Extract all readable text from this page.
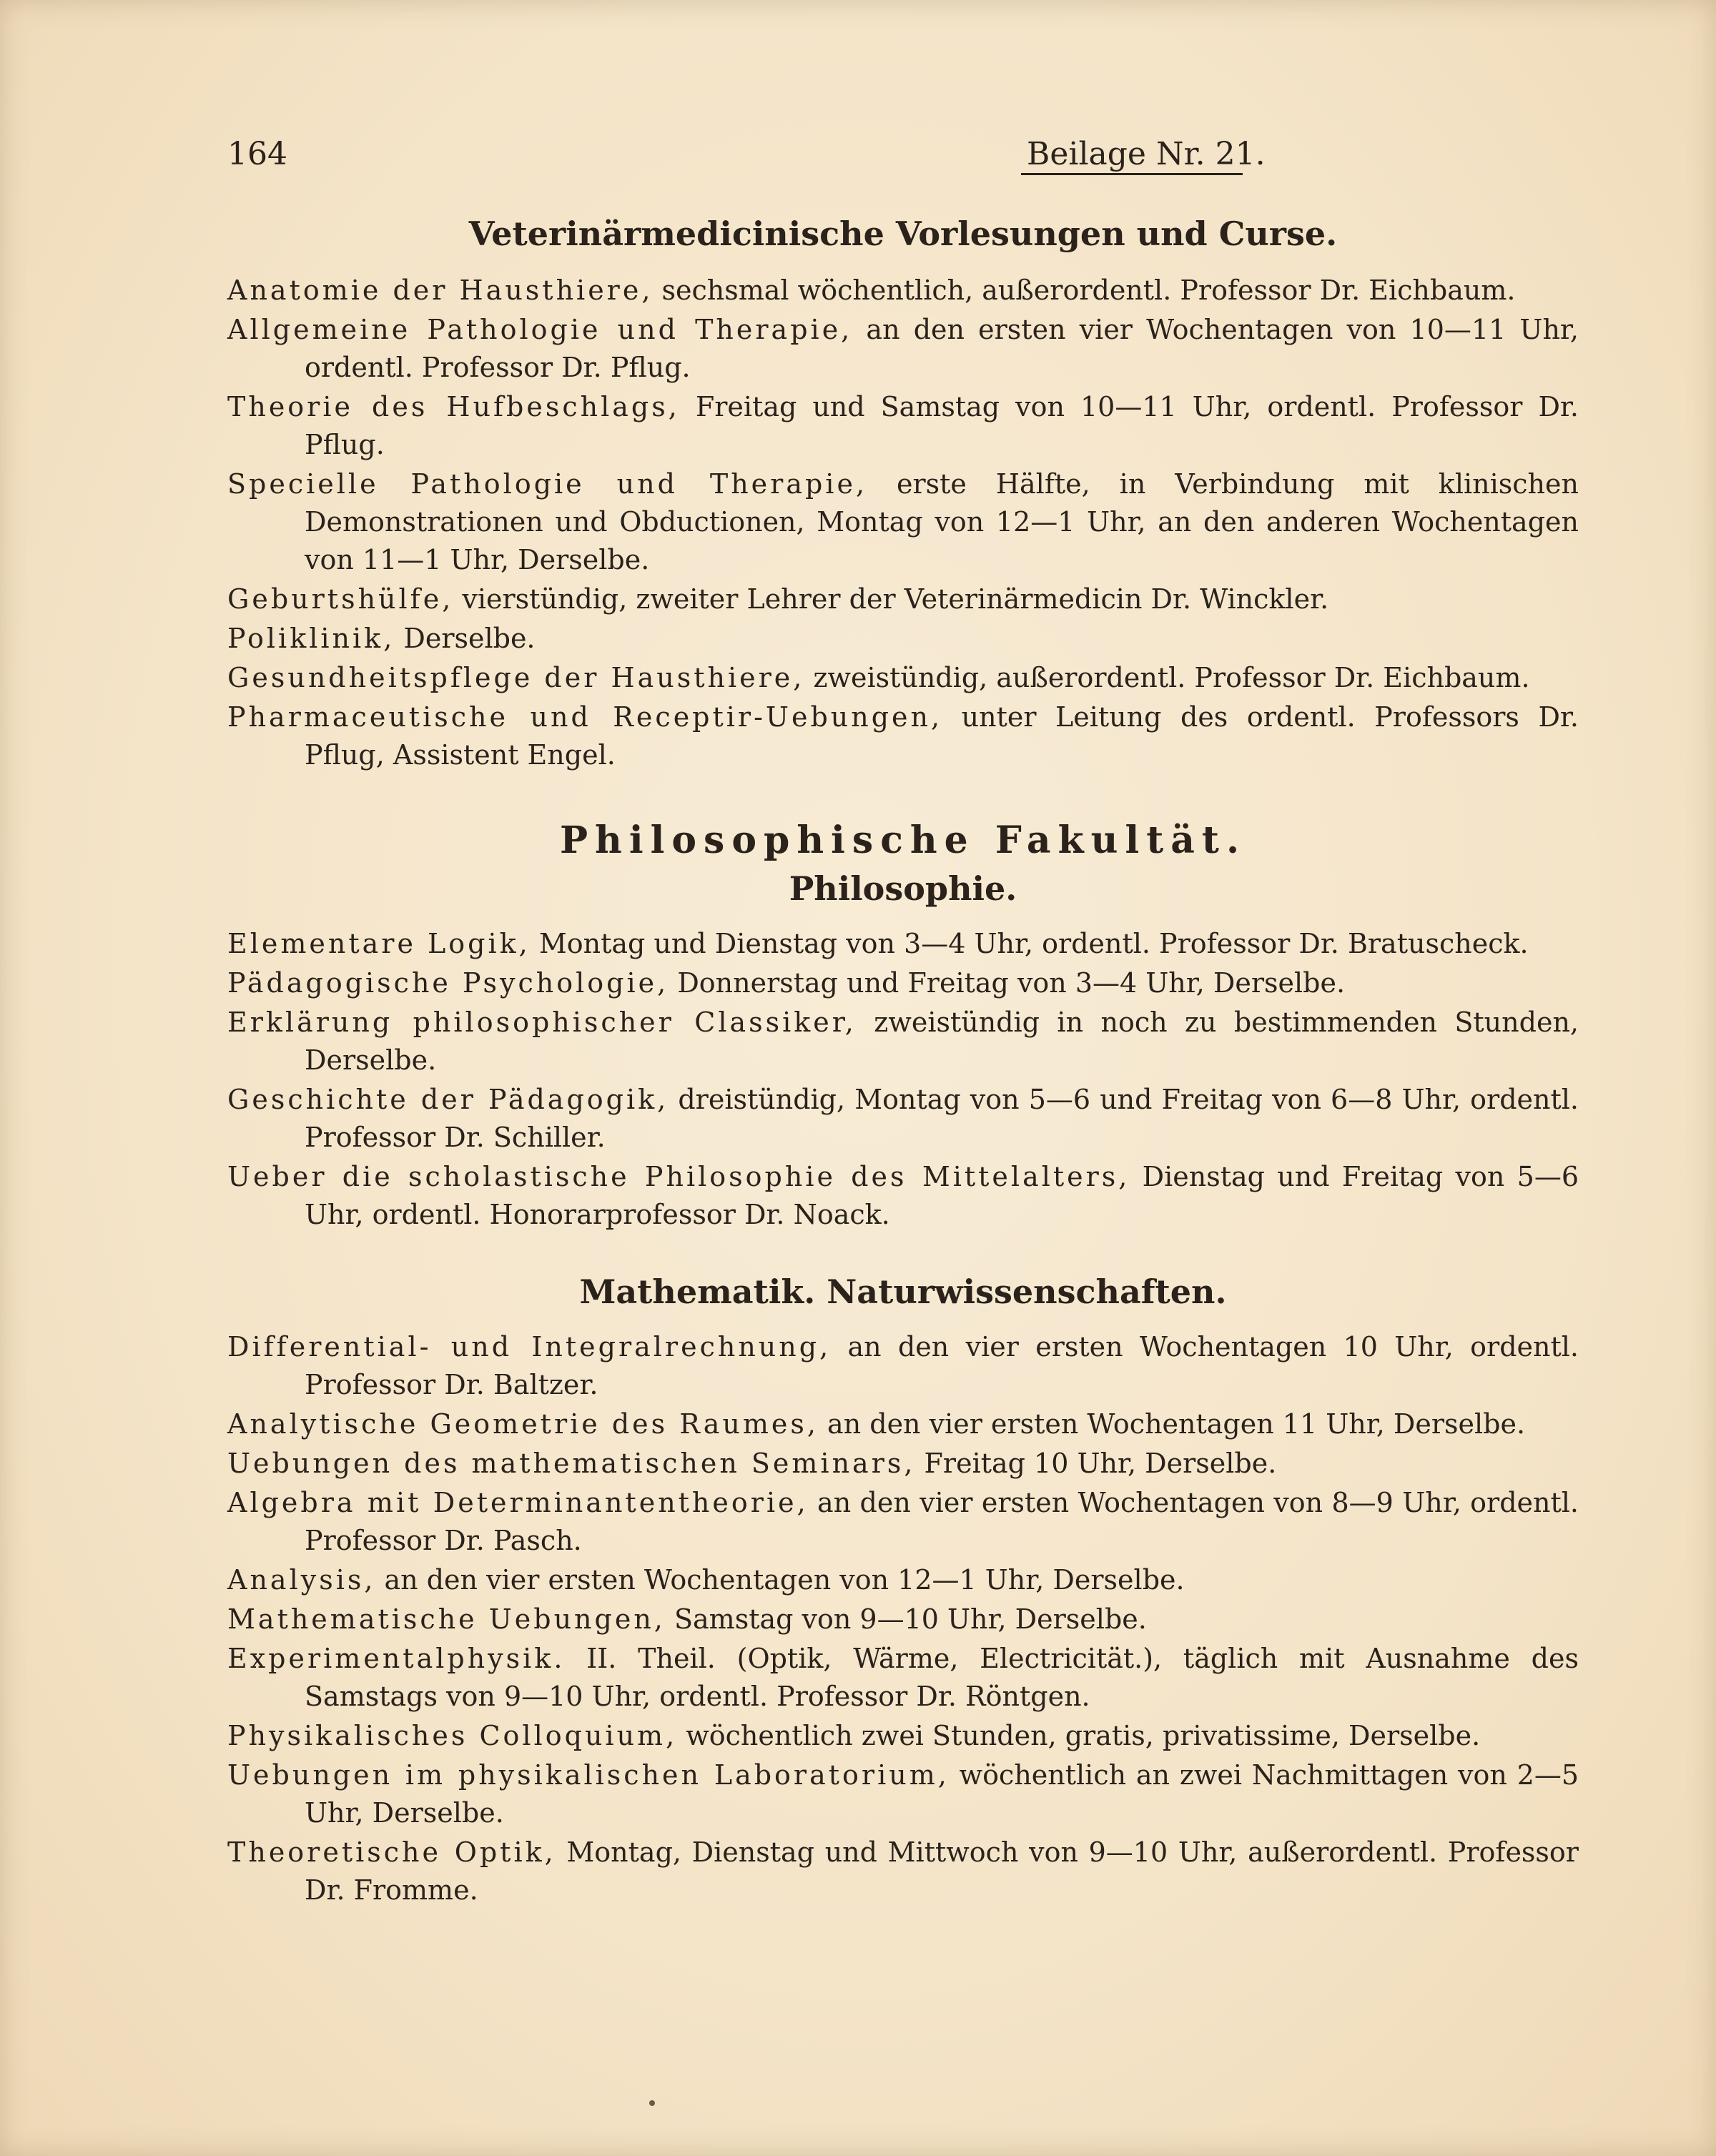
164	Beilage Nr. 21.
Veterinärmedicinische Vorlesungen und Curse.
Anatomie der Hausthiere, sechsmal wöchentlich, außerordentl. Professor Dr. Eichbaum.
Allgemeine Pathologie und Therapie, an den ersten vier Wochentagen von 10—11 Uhr, ordentl. Professor Dr. Pflug.
Theorie des Hufbeschlags, Freitag und Samstag von 10—11 Uhr, ordentl. Professor Dr. Pflug.
Specielle Pathologie und Therapie, erste Hälfte, in Verbindung mit klinischen Demonstrationen und Obductionen, Montag von 12—1 Uhr, an den anderen Wochentagen von 11—1 Uhr, Derselbe.
Geburtshülfe, vierstündig, zweiter Lehrer der Veterinärmedicin Dr. Winckler.
Poliklinik, Derselbe.
Gesundheitspflege der Hausthiere, zweistündig, außerordentl. Professor Dr. Eichbaum.
Pharmaceutische und Receptir-Uebungen, unter Leitung des ordentl. Professors Dr. Pflug, Assistent Engel.
Philosophische Fakultät.
Philosophie.
Elementare Logik, Montag und Dienstag von 3—4 Uhr, ordentl. Professor Dr. Bratuscheck.
Pädagogische Psychologie, Donnerstag und Freitag von 3—4 Uhr, Derselbe.
Erklärung philosophischer Classiker, zweistündig in noch zu bestimmenden Stunden, Derselbe.
Geschichte der Pädagogik, dreistündig, Montag von 5—6 und Freitag von 6—8 Uhr, ordentl. Professor Dr. Schiller.
Ueber die scholastische Philosophie des Mittelalters, Dienstag und Freitag von 5—6 Uhr, ordentl. Honorarprofessor Dr. Noack.
Mathematik. Naturwissenschaften.
Differential- und Integralrechnung, an den vier ersten Wochentagen 10 Uhr, ordentl. Professor Dr. Baltzer.
Analytische Geometrie des Raumes, an den vier ersten Wochentagen 11 Uhr, Derselbe.
Uebungen des mathematischen Seminars, Freitag 10 Uhr, Derselbe.
Algebra mit Determinantentheorie, an den vier ersten Wochentagen von 8—9 Uhr, ordentl. Professor Dr. Pasch.
Analysis, an den vier ersten Wochentagen von 12—1 Uhr, Derselbe.
Mathematische Uebungen, Samstag von 9—10 Uhr, Derselbe.
Experimentalphysik. II. Theil. (Optik, Wärme, Electricität.), täglich mit Ausnahme des Samstags von 9—10 Uhr, ordentl. Professor Dr. Röntgen.
Physikalisches Colloquium, wöchentlich zwei Stunden, gratis, privatissime, Derselbe.
Uebungen im physikalischen Laboratorium, wöchentlich an zwei Nachmittagen von 2—5 Uhr, Derselbe.
Theoretische Optik, Montag, Dienstag und Mittwoch von 9—10 Uhr, außerordentl. Professor Dr. Fromme.
